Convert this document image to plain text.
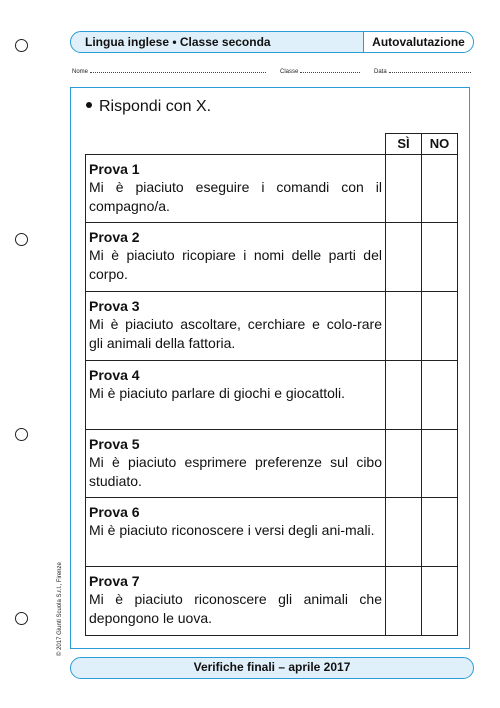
Lingua inglese • Classe seconda	Autovalutazione
Nome	Classe	Data
Rispondi con X.
	SÌ	NO

Prova 1
Mi è piaciuto eseguire i comandi con il compagno/a.		

Prova 2
Mi è piaciuto ricopiare i nomi delle parti del corpo.		

Prova 3
Mi è piaciuto ascoltare, cerchiare e colo-rare gli animali della fattoria.		

Prova 4
Mi è piaciuto parlare di giochi e giocattoli.		

Prova 5
Mi è piaciuto esprimere preferenze sul cibo studiato.		

Prova 6
Mi è piaciuto riconoscere i versi degli ani-mali.		

Prova 7
Mi è piaciuto riconoscere gli animali che depongono le uova.		

© 2017 Giunti Scuola S.r.l., Firenze
Verifiche finali – aprile 2017
